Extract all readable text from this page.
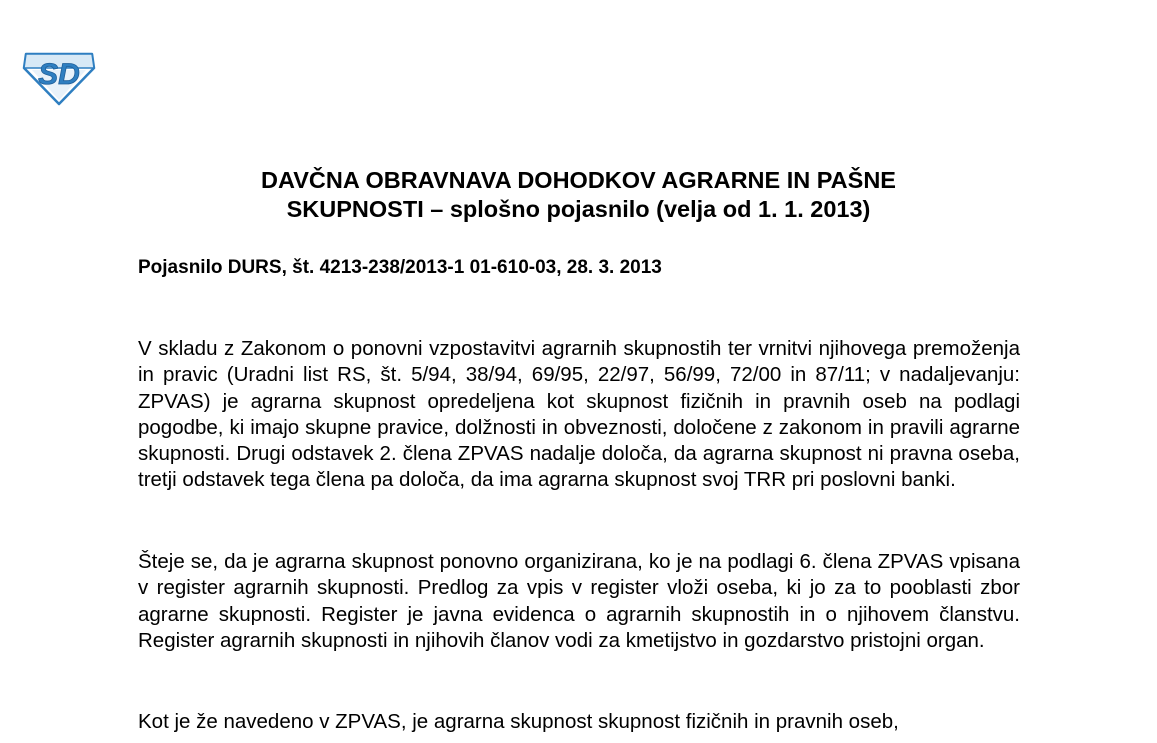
SD
DAVČNA OBRAVNAVA DOHODKOV AGRARNE IN PAŠNE
SKUPNOSTI – splošno pojasnilo (velja od 1. 1. 2013)
Pojasnilo DURS, št. 4213-238/2013-1 01-610-03, 28. 3. 2013

V skladu z Zakonom o ponovni vzpostavitvi agrarnih skupnostih ter vrnitvi njihovega premoženja in pravic (Uradni list RS, št. 5/94, 38/94, 69/95, 22/97, 56/99, 72/00 in 87/11; v nadaljevanju: ZPVAS) je agrarna skupnost opredeljena kot skupnost fizičnih in pravnih oseb na podlagi pogodbe, ki imajo skupne pravice, dolžnosti in obveznosti, določene z zakonom in pravili agrarne skupnosti. Drugi odstavek 2. člena ZPVAS nadalje določa, da agrarna skupnost ni pravna oseba, tretji odstavek tega člena pa določa, da ima agrarna skupnost svoj TRR pri poslovni banki.

Šteje se, da je agrarna skupnost ponovno organizirana, ko je na podlagi 6. člena ZPVAS vpisana v register agrarnih skupnosti. Predlog za vpis v register vloži oseba, ki jo za to pooblasti zbor agrarne skupnosti. Register je javna evidenca o agrarnih skupnostih in o njihovem članstvu. Register agrarnih skupnosti in njihovih članov vodi za kmetijstvo in gozdarstvo pristojni organ.

Kot je že navedeno v ZPVAS, je agrarna skupnost skupnost fizičnih in pravnih oseb,
